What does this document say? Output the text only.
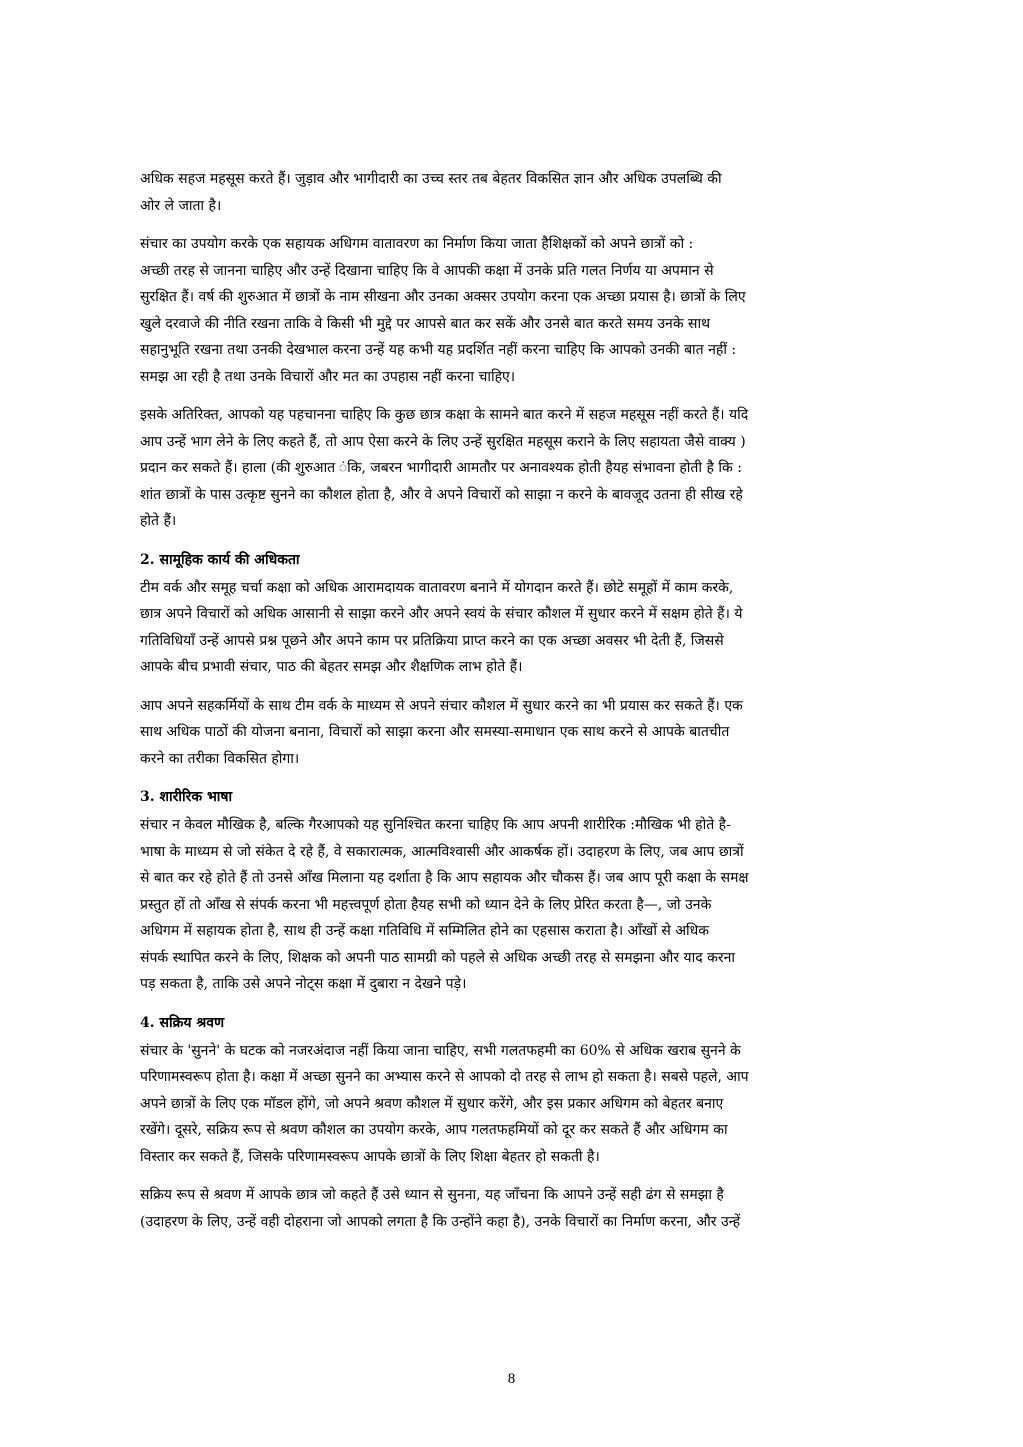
अधिक सहज महसूस करते हैं। जुड़ाव और भागीदारी का उच्च स्तर तब बेहतर विकसित ज्ञान और अधिक उपलब्धि की
ओर ले जाता है।

संचार का उपयोग करके एक सहायक अधिगम वातावरण का निर्माण किया जाता हैशिक्षकों को अपने छात्रों को :
अच्छी तरह से जानना चाहिए और उन्हें दिखाना चाहिए कि वे आपकी कक्षा में उनके प्रति गलत निर्णय या अपमान से
सुरक्षित हैं। वर्ष की शुरुआत में छात्रों के नाम सीखना और उनका अक्सर उपयोग करना एक अच्छा प्रयास है। छात्रों के लिए
खुले दरवाजे की नीति रखना ताकि वे किसी भी मुद्दे पर आपसे बात कर सकें और उनसे बात करते समय उनके साथ
सहानुभूति रखना तथा उनकी देखभाल करना उन्हें यह कभी यह प्रदर्शित नहीं करना चाहिए कि आपको उनकी बात नहीं :
समझ आ रही है तथा उनके विचारों और मत का उपहास नहीं करना चाहिए।

इसके अतिरिक्त, आपको यह पहचानना चाहिए कि कुछ छात्र कक्षा के सामने बात करने में सहज महसूस नहीं करते हैं। यदि
आप उन्हें भाग लेने के लिए कहते हैं, तो आप ऐसा करने के लिए उन्हें सुरक्षित महसूस कराने के लिए सहायता जैसे वाक्य )
प्रदान कर सकते हैं। हाला (की शुरुआत ंकि, जबरन भागीदारी आमतौर पर अनावश्यक होती हैयह संभावना होती है कि :
शांत छात्रों के पास उत्कृष्ट सुनने का कौशल होता है, और वे अपने विचारों को साझा न करने के बावजूद उतना ही सीख रहे
होते हैं।

2. सामूहिक कार्य की अधिकता

टीम वर्क और समूह चर्चा कक्षा को अधिक आरामदायक वातावरण बनाने में योगदान करते हैं। छोटे समूहों में काम करके,
छात्र अपने विचारों को अधिक आसानी से साझा करने और अपने स्वयं के संचार कौशल में सुधार करने में सक्षम होते हैं। ये
गतिविधियाँ उन्हें आपसे प्रश्न पूछने और अपने काम पर प्रतिक्रिया प्राप्त करने का एक अच्छा अवसर भी देती हैं, जिससे
आपके बीच प्रभावी संचार, पाठ की बेहतर समझ और शैक्षणिक लाभ होते हैं।

आप अपने सहकर्मियों के साथ टीम वर्क के माध्यम से अपने संचार कौशल में सुधार करने का भी प्रयास कर सकते हैं। एक
साथ अधिक पाठों की योजना बनाना, विचारों को साझा करना और समस्या-समाधान एक साथ करने से आपके बातचीत
करने का तरीका विकसित होगा।

3. शारीरिक भाषा

संचार न केवल मौखिक है, बल्कि गैरआपको यह सुनिश्चित करना चाहिए कि आप अपनी शारीरिक :मौखिक भी होते है-
भाषा के माध्यम से जो संकेत दे रहे हैं, वे सकारात्मक, आत्मविश्वासी और आकर्षक हों। उदाहरण के लिए, जब आप छात्रों
से बात कर रहे होते हैं तो उनसे आँख मिलाना यह दर्शाता है कि आप सहायक और चौकस हैं। जब आप पूरी कक्षा के समक्ष
प्रस्तुत हों तो आँख से संपर्क करना भी महत्त्वपूर्ण होता हैयह सभी को ध्यान देने के लिए प्रेरित करता है—, जो उनके
अधिगम में सहायक होता है, साथ ही उन्हें कक्षा गतिविधि में सम्मिलित होने का एहसास कराता है। आँखों से अधिक
संपर्क स्थापित करने के लिए, शिक्षक को अपनी पाठ सामग्री को पहले से अधिक अच्छी तरह से समझना और याद करना
पड़ सकता है, ताकि उसे अपने नोट्स कक्षा में दुबारा न देखने पड़े।

4. सक्रिय श्रवण

संचार के 'सुनने' के घटक को नजरअंदाज नहीं किया जाना चाहिए, सभी गलतफहमी का 60% से अधिक खराब सुनने के
परिणामस्वरूप होता है। कक्षा में अच्छा सुनने का अभ्यास करने से आपको दो तरह से लाभ हो सकता है। सबसे पहले, आप
अपने छात्रों के लिए एक मॉडल होंगे, जो अपने श्रवण कौशल में सुधार करेंगे, और इस प्रकार अधिगम को बेहतर बनाए
रखेंगे। दूसरे, सक्रिय रूप से श्रवण कौशल का उपयोग करके, आप गलतफहमियों को दूर कर सकते हैं और अधिगम का
विस्तार कर सकते हैं, जिसके परिणामस्वरूप आपके छात्रों के लिए शिक्षा बेहतर हो सकती है।

सक्रिय रूप से श्रवण में आपके छात्र जो कहते हैं उसे ध्यान से सुनना, यह जाँचना कि आपने उन्हें सही ढंग से समझा है
(उदाहरण के लिए, उन्हें वही दोहराना जो आपको लगता है कि उन्होंने कहा है), उनके विचारों का निर्माण करना, और उन्हें

8
